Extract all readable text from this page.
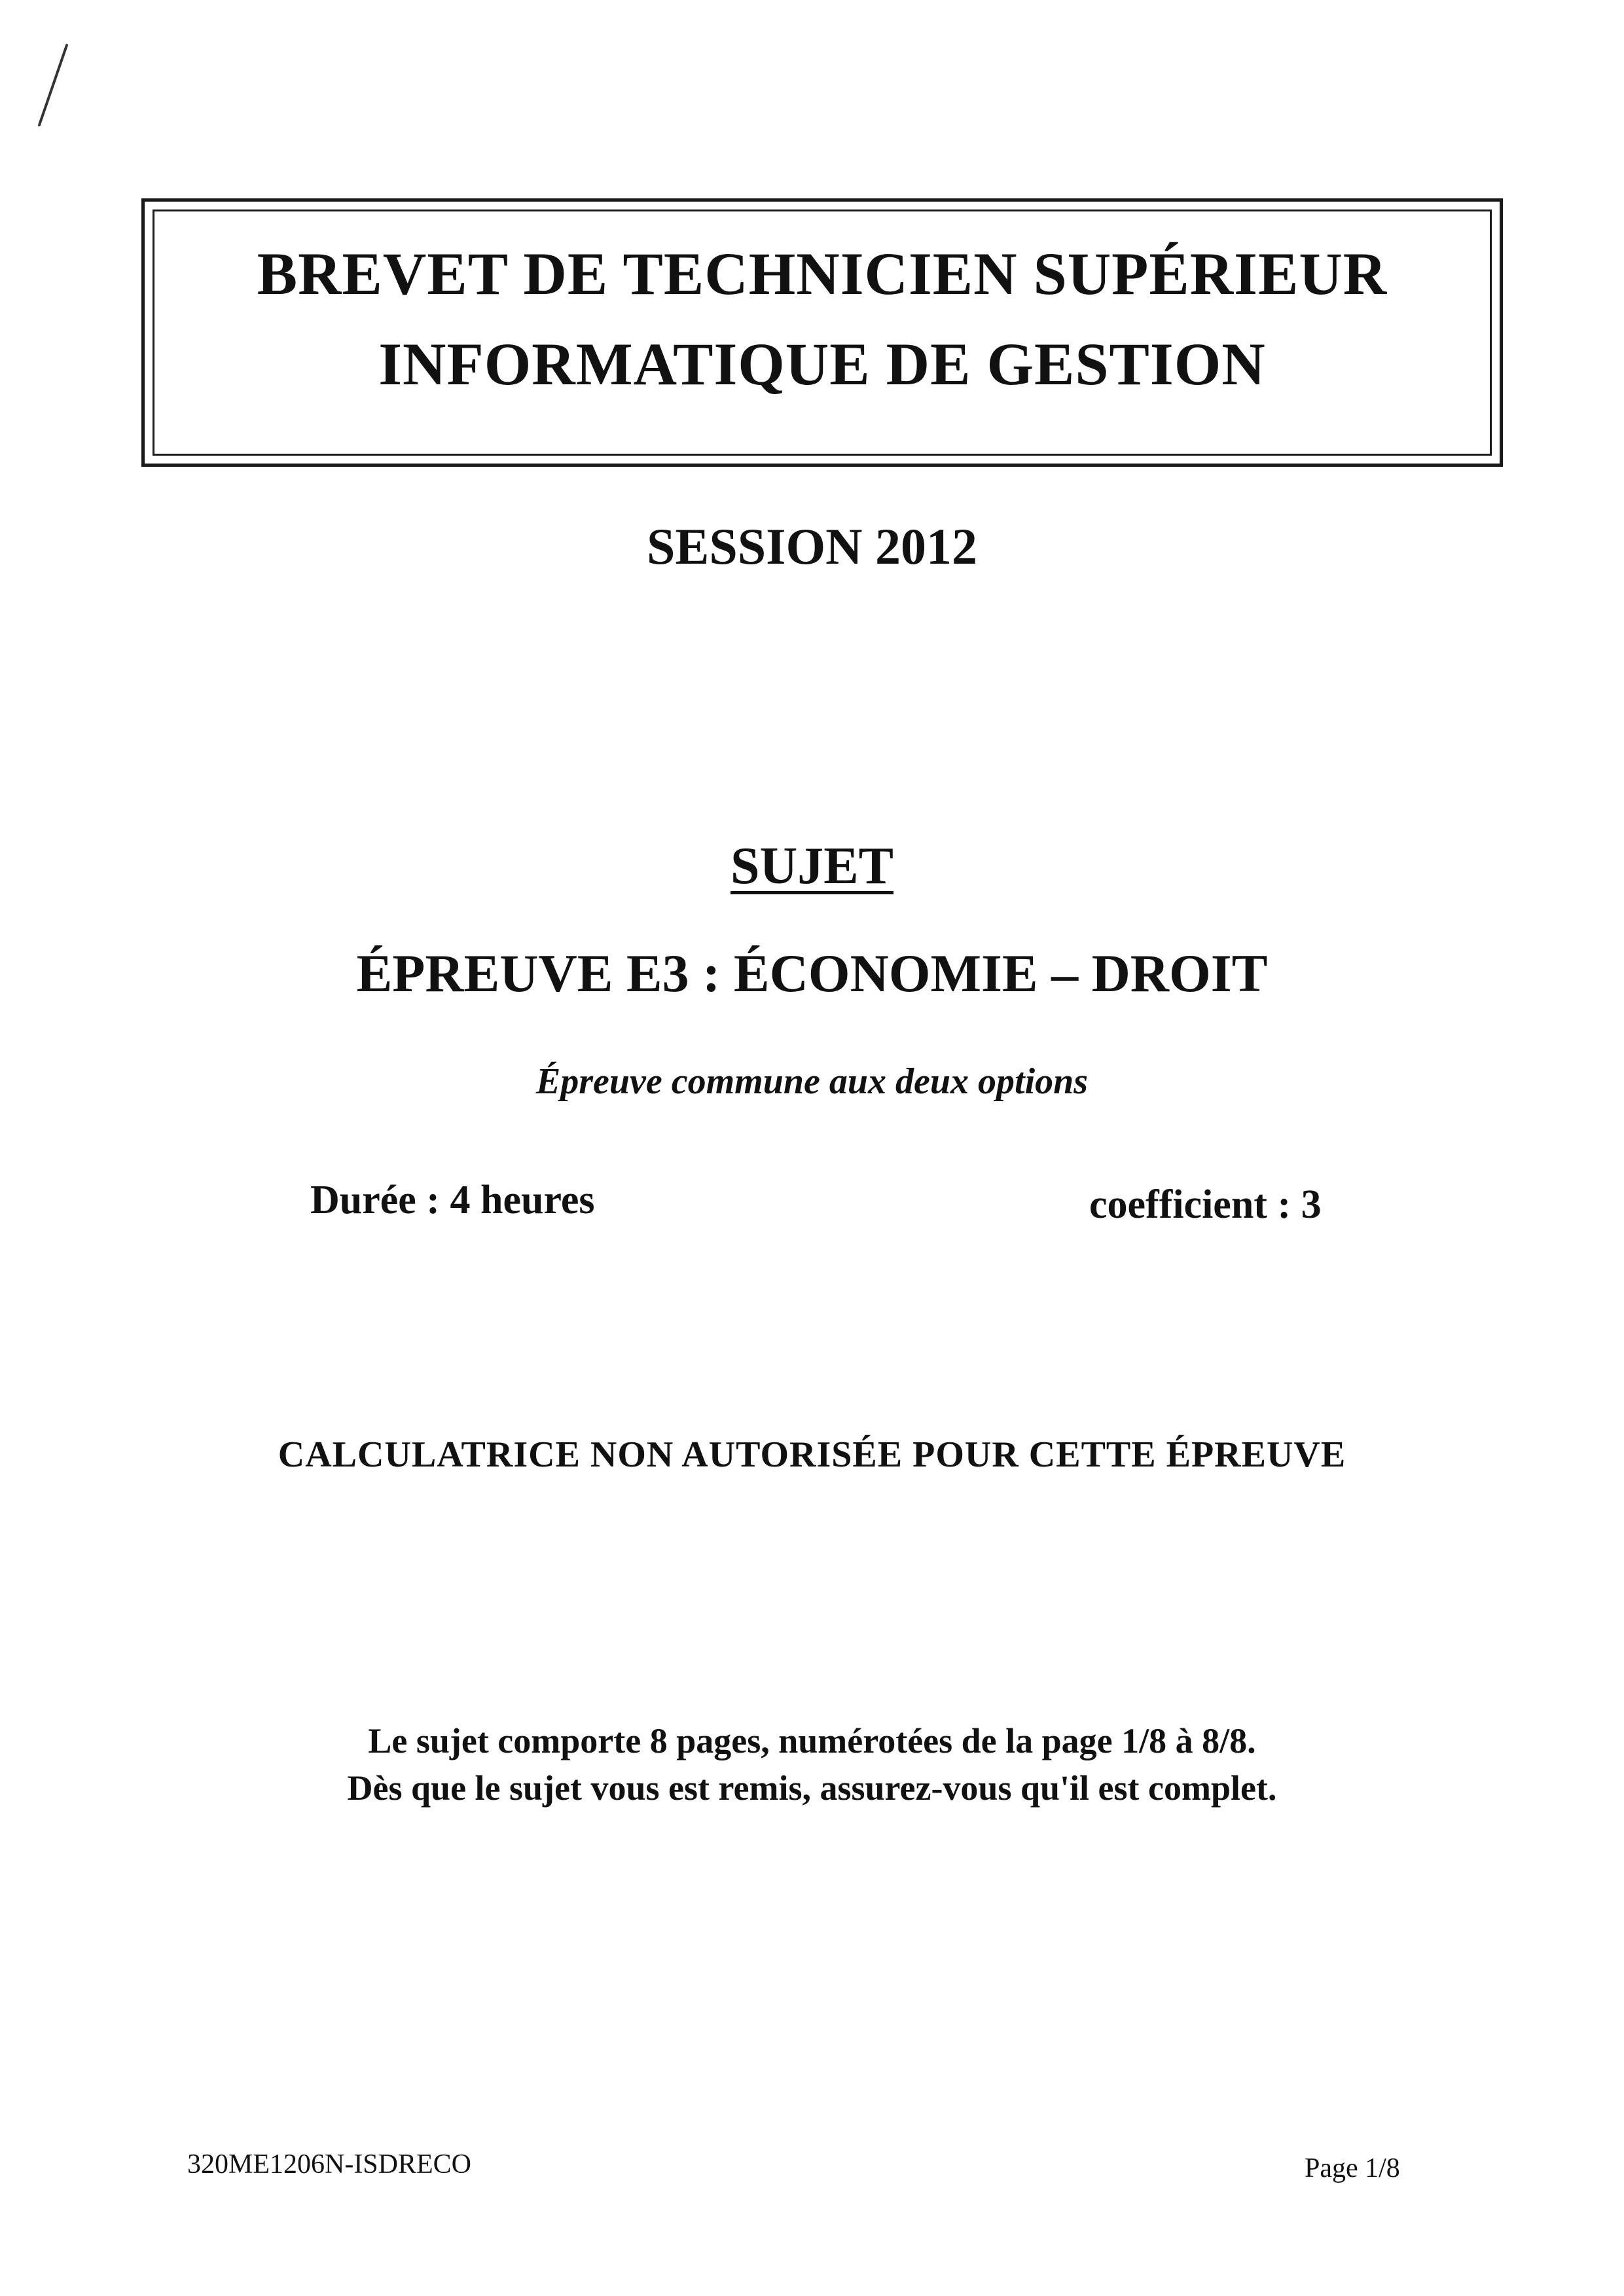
BREVET DE TECHNICIEN SUPÉRIEUR
INFORMATIQUE DE GESTION
SESSION 2012
SUJET
ÉPREUVE E3 : ÉCONOMIE – DROIT
Épreuve commune aux deux options
Durée : 4 heures	coefficient : 3
CALCULATRICE NON AUTORISÉE POUR CETTE ÉPREUVE
Le sujet comporte 8 pages, numérotées de la page 1/8 à 8/8.
Dès que le sujet vous est remis, assurez-vous qu'il est complet.
320ME1206N-ISDRECO	Page 1/8
